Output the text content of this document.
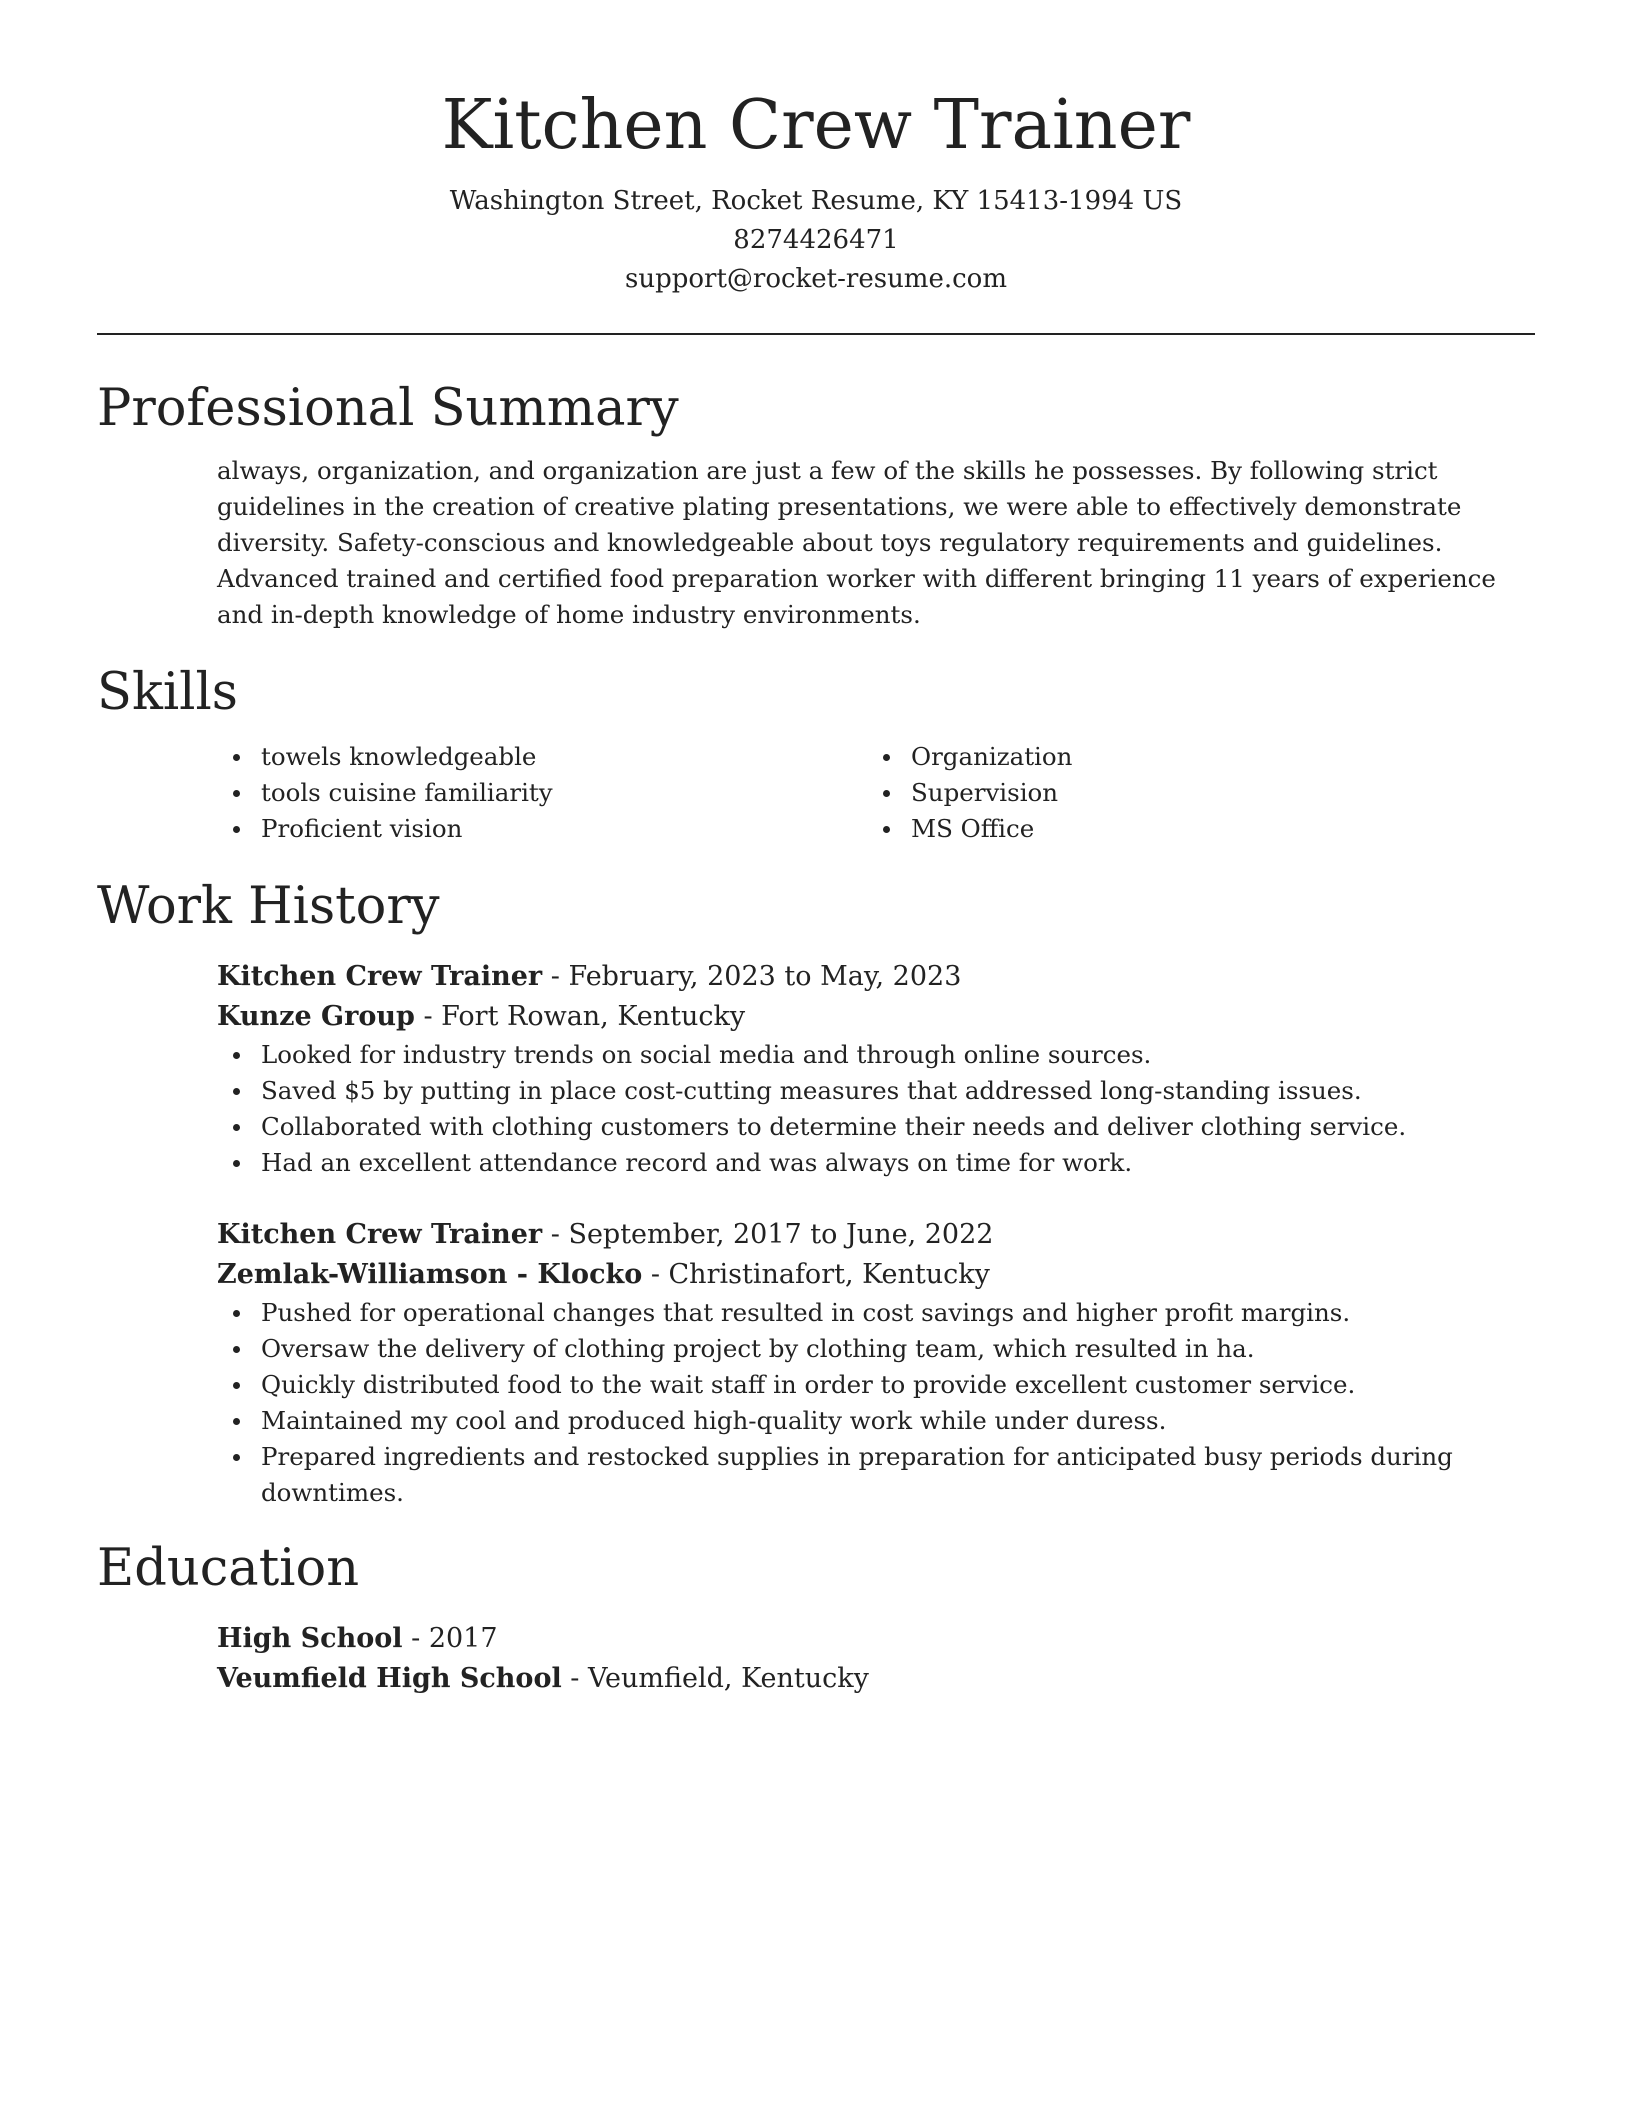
Kitchen Crew Trainer
Washington Street, Rocket Resume, KY 15413-1994 US
8274426471
support@rocket-resume.com
Professional Summary
always, organization, and organization are just a few of the skills he possesses. By following strict guidelines in the creation of creative plating presentations, we were able to effectively demonstrate diversity. Safety-conscious and knowledgeable about toys regulatory requirements and guidelines. Advanced trained and certified food preparation worker with different bringing 11 years of experience and in-depth knowledge of home industry environments.
Skills
towels knowledgeable
tools cuisine familiarity
Proficient vision
Organization
Supervision
MS Office
Work History
Kitchen Crew Trainer - February, 2023 to May, 2023
Kunze Group - Fort Rowan, Kentucky
Looked for industry trends on social media and through online sources.
Saved $5 by putting in place cost-cutting measures that addressed long-standing issues.
Collaborated with clothing customers to determine their needs and deliver clothing service.
Had an excellent attendance record and was always on time for work.
Kitchen Crew Trainer - September, 2017 to June, 2022
Zemlak-Williamson - Klocko - Christinafort, Kentucky
Pushed for operational changes that resulted in cost savings and higher profit margins.
Oversaw the delivery of clothing project by clothing team, which resulted in ha.
Quickly distributed food to the wait staff in order to provide excellent customer service.
Maintained my cool and produced high-quality work while under duress.
Prepared ingredients and restocked supplies in preparation for anticipated busy periods during downtimes.
Education
High School - 2017
Veumfield High School - Veumfield, Kentucky
